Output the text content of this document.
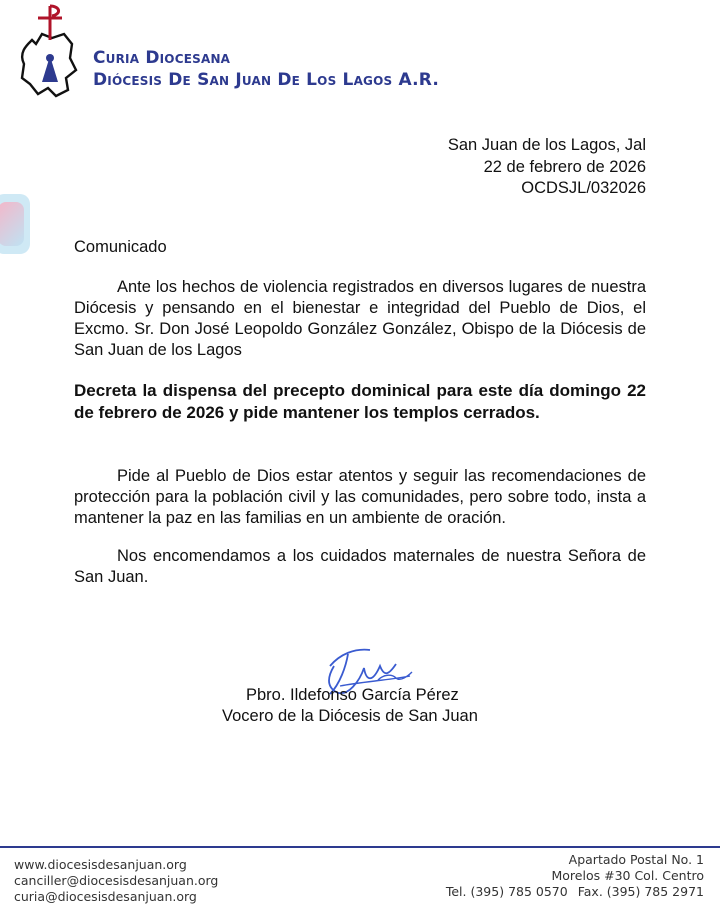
Curia Diocesana
Diócesis De San Juan De Los Lagos A.R.
San Juan de los Lagos, Jal
22 de febrero de 2026
OCDSJL/032026
Comunicado

Ante los hechos de violencia registrados en diversos lugares de nuestra Diócesis y pensando en el bienestar e integridad del Pueblo de Dios, el Excmo. Sr. Don José Leopoldo González González, Obispo de la Diócesis de San Juan de los Lagos

Decreta la dispensa del precepto dominical para este día domingo 22 de febrero de 2026 y pide mantener los templos cerrados.

Pide al Pueblo de Dios estar atentos y seguir las recomendaciones de protección para la población civil y las comunidades, pero sobre todo, insta a mantener la paz en las familias en un ambiente de oración.

Nos encomendamos a los cuidados maternales de nuestra Señora de San Juan.

Pbro. Ildefonso García Pérez
Vocero de la Diócesis de San Juan
www.diocesisdesanjuan.org
canciller@diocesisdesanjuan.org
curia@diocesisdesanjuan.org
Apartado Postal No. 1
Morelos #30 Col. Centro
Tel. (395) 785 0570 Fax. (395) 785 2971
